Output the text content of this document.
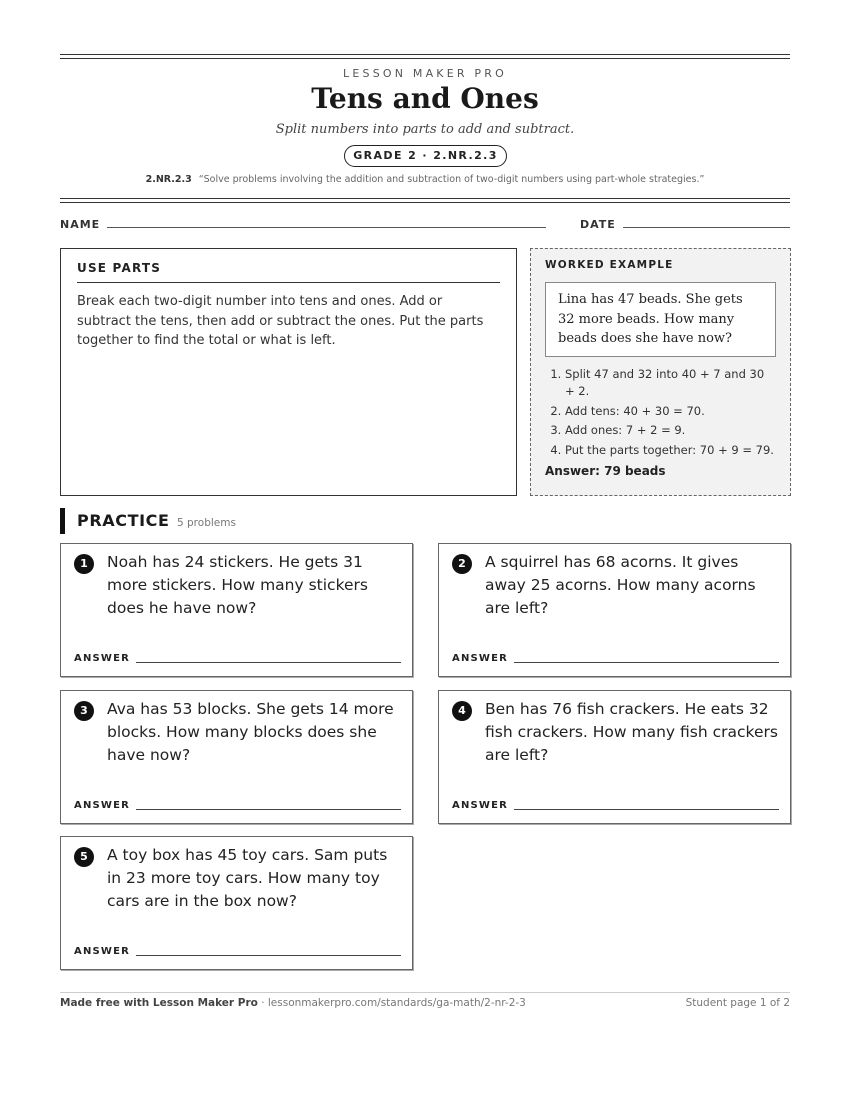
LESSON MAKER PRO
Tens and Ones
Split numbers into parts to add and subtract.
GRADE 2 · 2.NR.2.3
2.NR.2.3 “Solve problems involving the addition and subtraction of two-digit numbers using part-whole strategies.”
NAME	DATE
USE PARTS
Break each two-digit number into tens and ones. Add or subtract the tens, then add or subtract the ones. Put the parts together to find the total or what is left.
WORKED EXAMPLE
Lina has 47 beads. She gets 32 more beads. How many beads does she have now?
1. Split 47 and 32 into 40 + 7 and 30 + 2.
2. Add tens: 40 + 30 = 70.
3. Add ones: 7 + 2 = 9.
4. Put the parts together: 70 + 9 = 79.
Answer: 79 beads
PRACTICE 5 problems
1	Noah has 24 stickers. He gets 31 more stickers. How many stickers does he have now?
ANSWER
2	A squirrel has 68 acorns. It gives away 25 acorns. How many acorns are left?
ANSWER
3	Ava has 53 blocks. She gets 14 more blocks. How many blocks does she have now?
ANSWER
4	Ben has 76 fish crackers. He eats 32 fish crackers. How many fish crackers are left?
ANSWER
5	A toy box has 45 toy cars. Sam puts in 23 more toy cars. How many toy cars are in the box now?
ANSWER
Made free with Lesson Maker Pro · lessonmakerpro.com/standards/ga-math/2-nr-2-3	Student page 1 of 2
